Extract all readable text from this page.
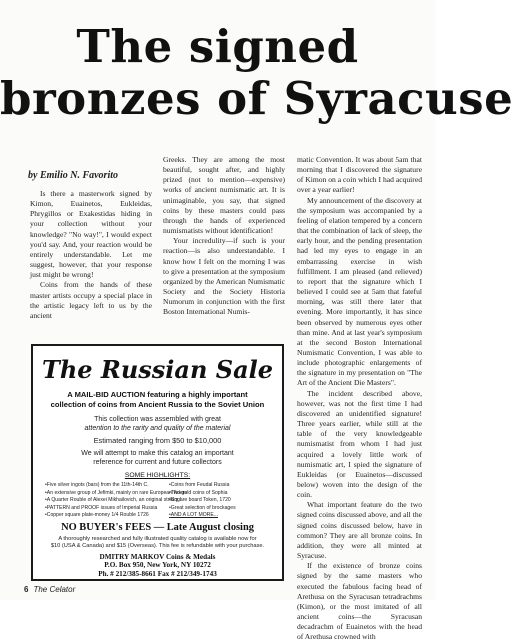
The signed
bronzes of Syracuse
by Emilio N. Favorito

Is there a masterwork signed by Kimon, Euainetos, Eukleidas, Phrygillos or Exakestidas hiding in your collection without your knowledge? "No way!", I would expect you'd say. And, your reaction would be entirely understandable. Let me suggest, however, that your response just might be wrong!

Coins from the hands of these master artists occupy a special place in the artistic legacy left to us by the ancient

Greeks. They are among the most beautiful, sought after, and highly prized (not to mention—expensive) works of ancient numismatic art. It is unimaginable, you say, that signed coins by these masters could pass through the hands of experienced numismatists without identification!

Your incredulity—if such is your reaction—is also understandable. I know how I felt on the morning I was to give a presentation at the symposium organized by the American Numismatic Society and the Society Historia Numorum in conjunction with the first Boston International Numis-

matic Convention. It was about 5am that morning that I discovered the signature of Kimon on a coin which I had acquired over a year earlier!

My announcement of the discovery at the symposium was accompanied by a feeling of elation tempered by a concern that the combination of lack of sleep, the early hour, and the pending presentation had led my eyes to engage in an embarrassing exercise in wish fulfillment. I am pleased (and relieved) to report that the signature which I believed I could see at 5am that fateful morning, was still there later that evening. More importantly, it has since been observed by numerous eyes other than mine. And at last year's symposium at the second Boston International Numismatic Convention, I was able to include photographic enlargements of the signature in my presentation on "The Art of the Ancient Die Masters".

The incident described above, however, was not the first time I had discovered an unidentified signature! Three years earlier, while still at the table of the very knowledgeable numismatist from whom I had just acquired a lovely little work of numismatic art, I spied the signature of Eukleidas (or Euainetos—discussed below) woven into the design of the coin.

What important feature do the two signed coins discussed above, and all the signed coins discussed below, have in common? They are all bronze coins. In addition, they were all minted at Syracuse.

If the existence of bronze coins signed by the same masters who executed the fabulous facing head of Arethusa on the Syracusan tetradrachms (Kimon), or the most imitated of all ancient coins—the Syracusan decadrachm of Euainetos with the head of Arethusa crowned with

The Russian Sale
A MAIL-BID AUCTION featuring a highly important
collection of coins from Ancient Russia to the Soviet Union
This collection was assembled with great
attention to the rarity and quality of the material
Estimated ranging from $50 to $10,000
We will attempt to make this catalog an important
reference for current and future collectors
SOME HIGHLIGHTS:
• Five silver ingots (bars) from the 11th-14th C.
• An extensive group of Jefimki, mainly on rare European Talers
• A Quarter Rouble of Alexei Mikhailovich, an original striking!
• PATTERN and PROOF issues of Imperial Russia
• Copper square plate-money 1/4 Rouble 1726
• Coins from Feudal Russia
• Two gold coins of Sophia
• Square board Token, 1720
• Great selection of brockages
• AND A LOT MORE...
NO BUYER's FEES — Late August closing
A thoroughly researched and fully illustrated quality catalog is available now for
$10 (USA & Canada) and $15 (Overseas). This fee is refundable with your purchase.
DMITRY MARKOV Coins & Medals
P.O. Box 950, New York, NY 10272
Ph. # 212/385-8661 Fax # 212/349-1743
6 The Celator
